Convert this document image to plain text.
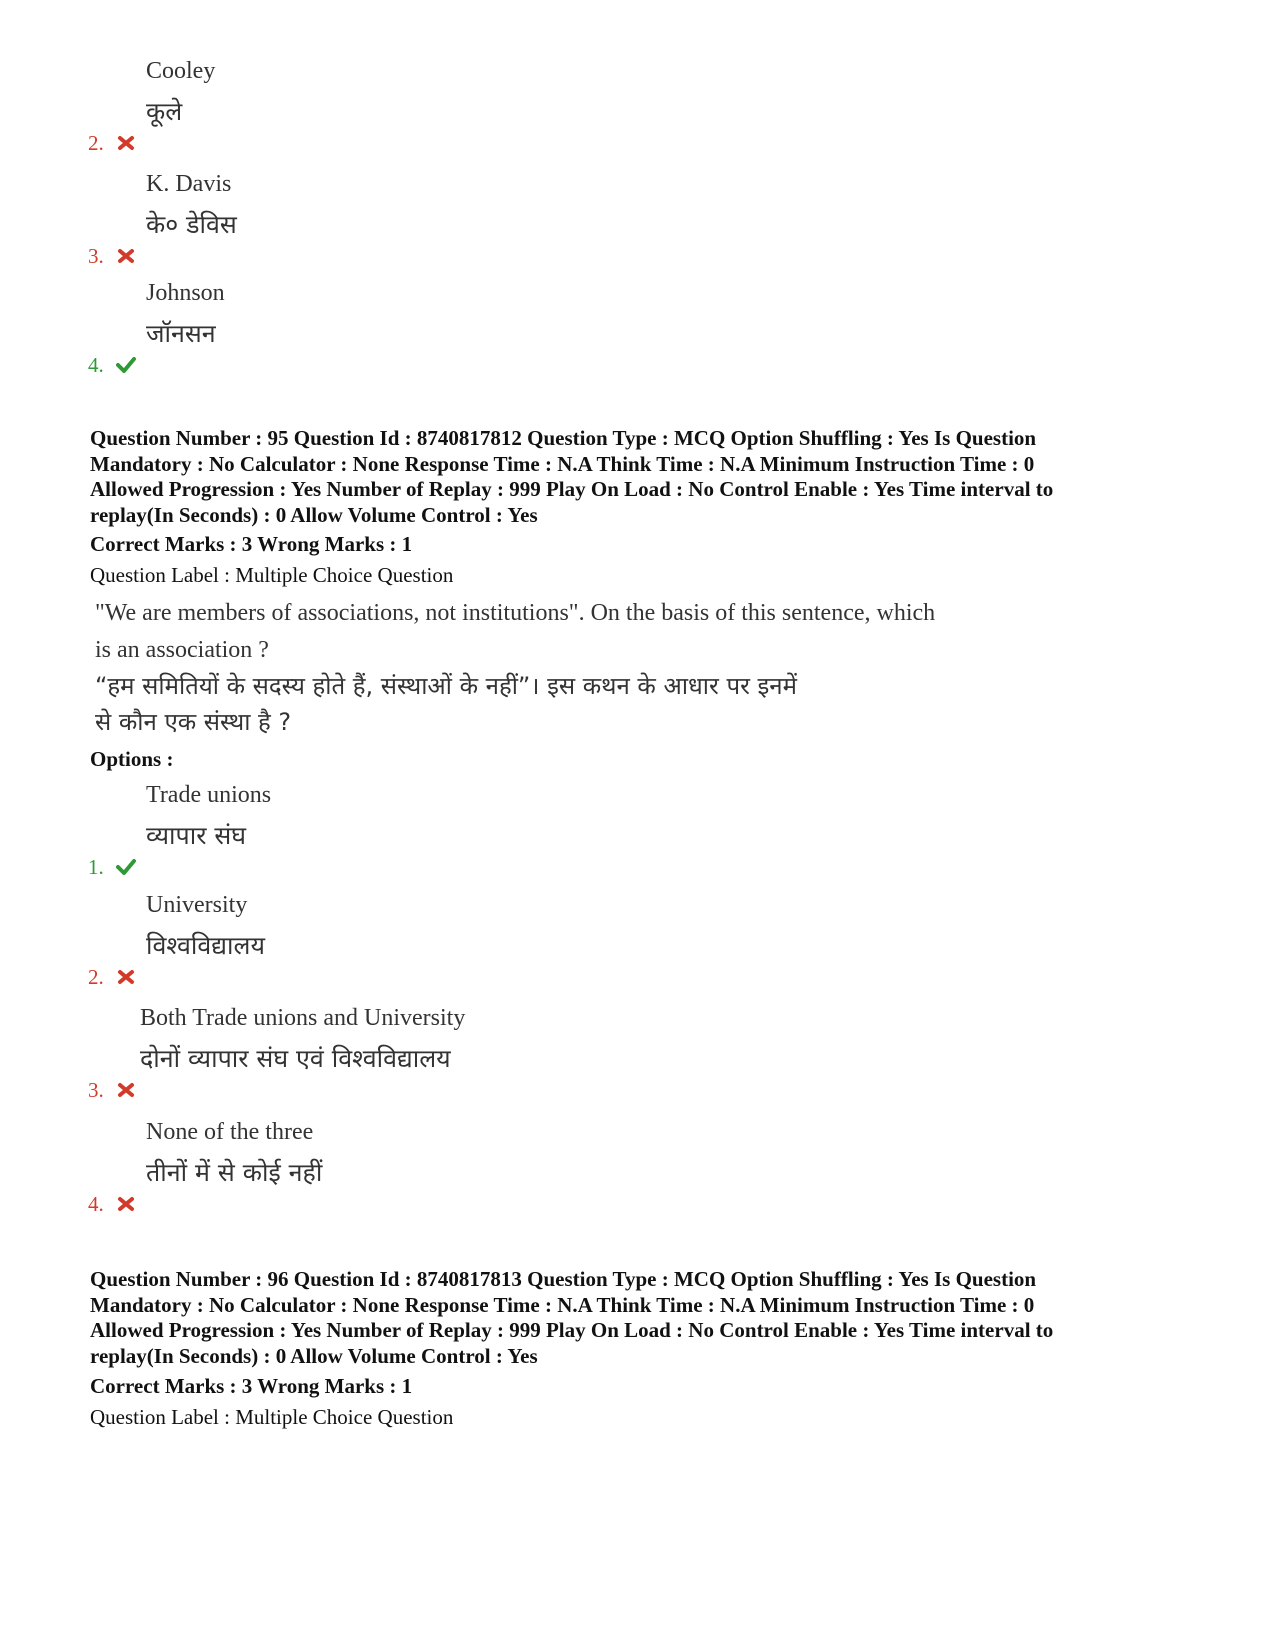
2.
Cooley
कूले
3.
K. Davis
के० डेविस
4.
Johnson
जॉनसन
Question Number : 95 Question Id : 8740817812 Question Type : MCQ Option Shuffling : Yes Is Question
Mandatory : No Calculator : None Response Time : N.A Think Time : N.A Minimum Instruction Time : 0
Allowed Progression : Yes Number of Replay : 999 Play On Load : No Control Enable : Yes Time interval to
replay(In Seconds) : 0 Allow Volume Control : Yes
Correct Marks : 3 Wrong Marks : 1
Question Label : Multiple Choice Question
"We are members of associations, not institutions". On the basis of this sentence, which
is an association ?
“हम समितियों के सदस्य होते हैं, संस्थाओं के नहीं”। इस कथन के आधार पर इनमें
से कौन एक संस्था है ?
Options :
1.
Trade unions
व्यापार संघ
2.
University
विश्वविद्यालय
3.
Both Trade unions and University
दोनों व्यापार संघ एवं विश्वविद्यालय
4.
None of the three
तीनों में से कोई नहीं
Question Number : 96 Question Id : 8740817813 Question Type : MCQ Option Shuffling : Yes Is Question
Mandatory : No Calculator : None Response Time : N.A Think Time : N.A Minimum Instruction Time : 0
Allowed Progression : Yes Number of Replay : 999 Play On Load : No Control Enable : Yes Time interval to
replay(In Seconds) : 0 Allow Volume Control : Yes
Correct Marks : 3 Wrong Marks : 1
Question Label : Multiple Choice Question
